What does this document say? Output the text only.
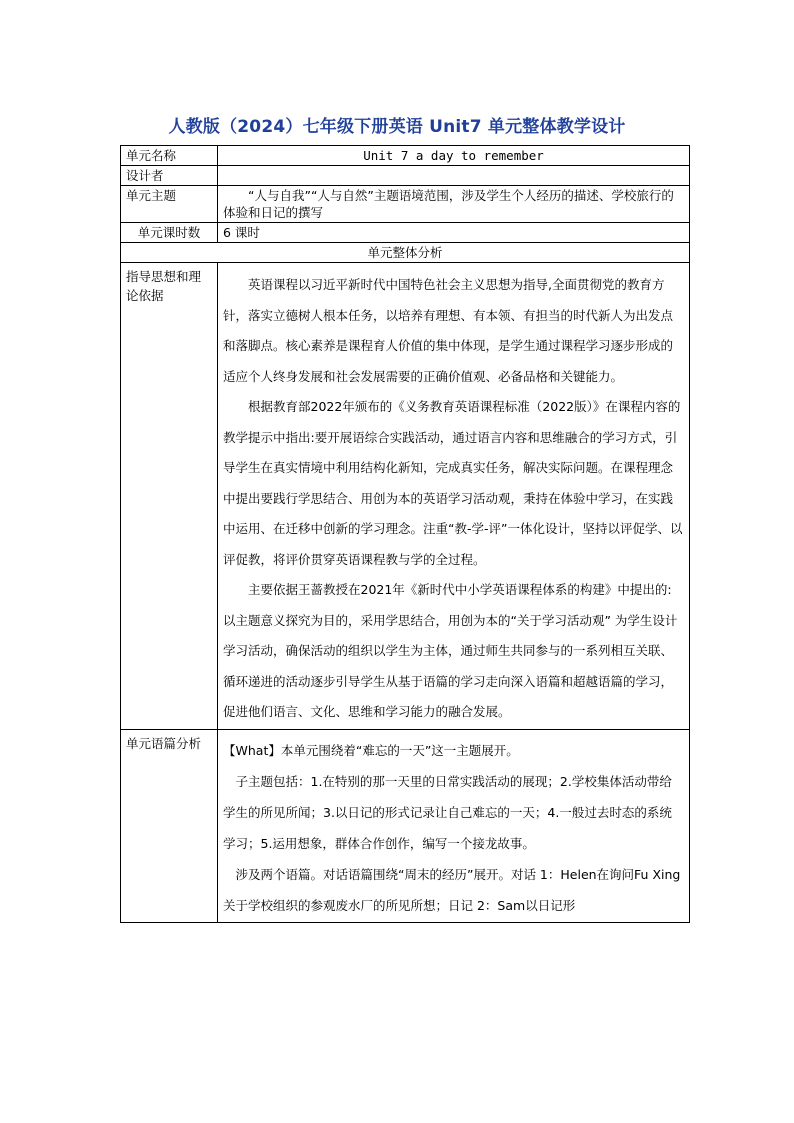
人教版（2024）七年级下册英语 Unit7 单元整体教学设计
单元名称	Unit 7 a day to remember
设计者	
单元主题	“人与自我”“人与自然”主题语境范围，涉及学生个人经历的描述、学校旅行的体验和日记的撰写
单元课时数	6 课时
单元整体分析	
指导思想和理论依据	英语课程以习近平新时代中国特色社会主义思想为指导,全面贯彻党的教育方针，落实立德树人根本任务，以培养有理想、有本领、有担当的时代新人为出发点和落脚点。核心素养是课程育人价值的集中体现，是学生通过课程学习逐步形成的适应个人终身发展和社会发展需要的正确价值观、必备品格和关键能力。

根据教育部2022年颁布的《义务教育英语课程标准（2022版）》在课程内容的教学提示中指出:要开展语综合实践活动，通过语言内容和思维融合的学习方式，引导学生在真实情境中利用结构化新知，完成真实任务，解决实际问题。在课程理念中提出要践行学思结合、用创为本的英语学习活动观，秉持在体验中学习，在实践中运用、在迁移中创新的学习理念。注重“教-学-评”一体化设计，坚持以评促学、以评促教，将评价贯穿英语课程教与学的全过程。

主要依据王蔷教授在2021年《新时代中小学英语课程体系的构建》中提出的:以主题意义探究为目的，采用学思结合，用创为本的“关于学习活动观” 为学生设计学习活动，确保活动的组织以学生为主体，通过师生共同参与的一系列相互关联、循环递进的活动逐步引导学生从基于语篇的学习走向深入语篇和超越语篇的学习，促进他们语言、文化、思维和学习能力的融合发展。

单元语篇分析	【What】本单元围绕着“难忘的一天”这一主题展开。

子主题包括：1.在特别的那一天里的日常实践活动的展现；2.学校集体活动带给学生的所见所闻；3.以日记的形式记录让自己难忘的一天；4.一般过去时态的系统学习；5.运用想象，群体合作创作，编写一个接龙故事。

涉及两个语篇。对话语篇围绕“周末的经历”展开。对话 1：Helen在询问Fu Xing关于学校组织的参观废水厂的所见所想；日记 2：Sam以日记形
